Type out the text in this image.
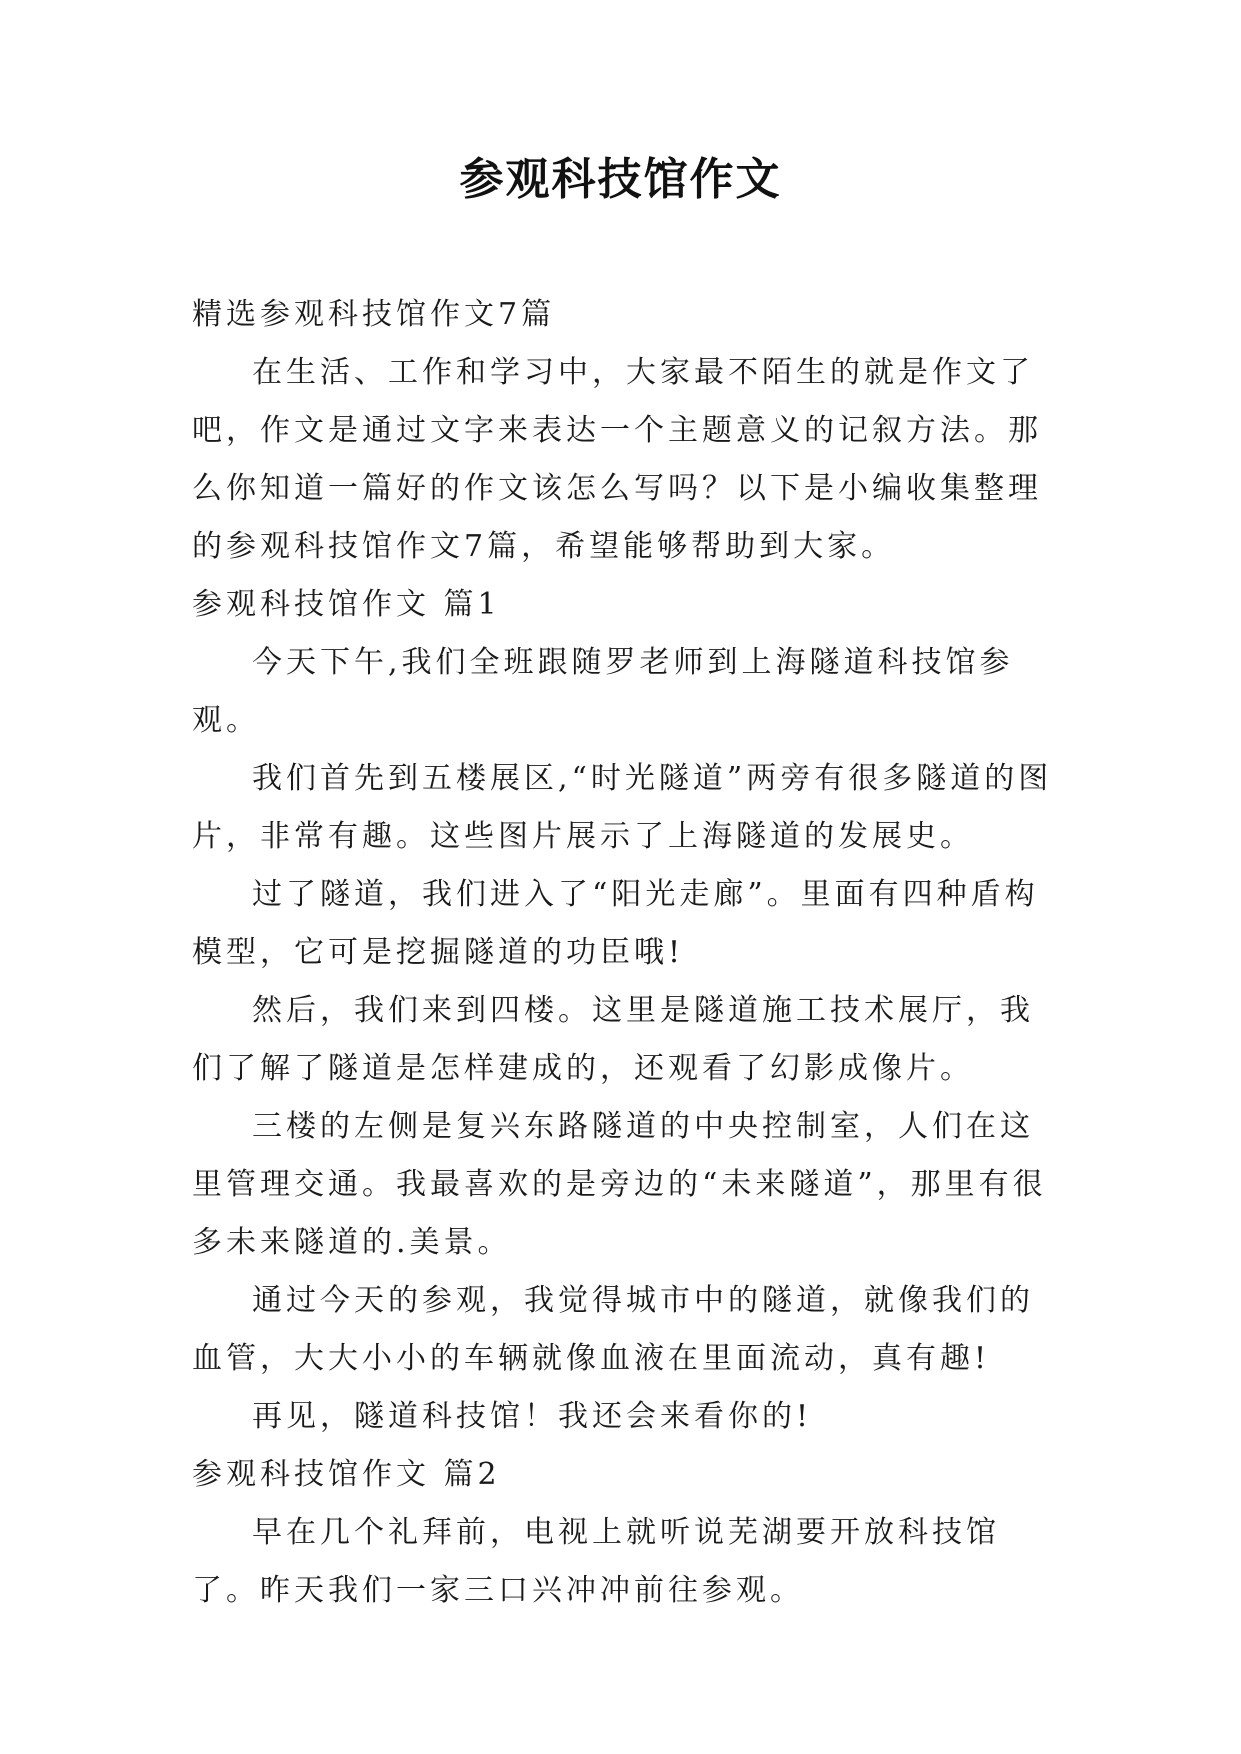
参观科技馆作文

精选参观科技馆作文7篇

在生活、工作和学习中，大家最不陌生的就是作文了吧，作文是通过文字来表达一个主题意义的记叙方法。那么你知道一篇好的作文该怎么写吗？以下是小编收集整理的参观科技馆作文7篇，希望能够帮助到大家。

参观科技馆作文 篇1

今天下午,我们全班跟随罗老师到上海隧道科技馆参观。

我们首先到五楼展区,“时光隧道”两旁有很多隧道的图片，非常有趣。这些图片展示了上海隧道的发展史。

过了隧道，我们进入了“阳光走廊”。里面有四种盾构模型，它可是挖掘隧道的功臣哦!

然后，我们来到四楼。这里是隧道施工技术展厅，我们了解了隧道是怎样建成的，还观看了幻影成像片。

三楼的左侧是复兴东路隧道的中央控制室，人们在这里管理交通。我最喜欢的是旁边的“未来隧道”，那里有很多未来隧道的.美景。

通过今天的参观，我觉得城市中的隧道，就像我们的血管，大大小小的车辆就像血液在里面流动，真有趣!

再见，隧道科技馆！我还会来看你的!

参观科技馆作文 篇2

早在几个礼拜前，电视上就听说芜湖要开放科技馆了。昨天我们一家三口兴冲冲前往参观。
